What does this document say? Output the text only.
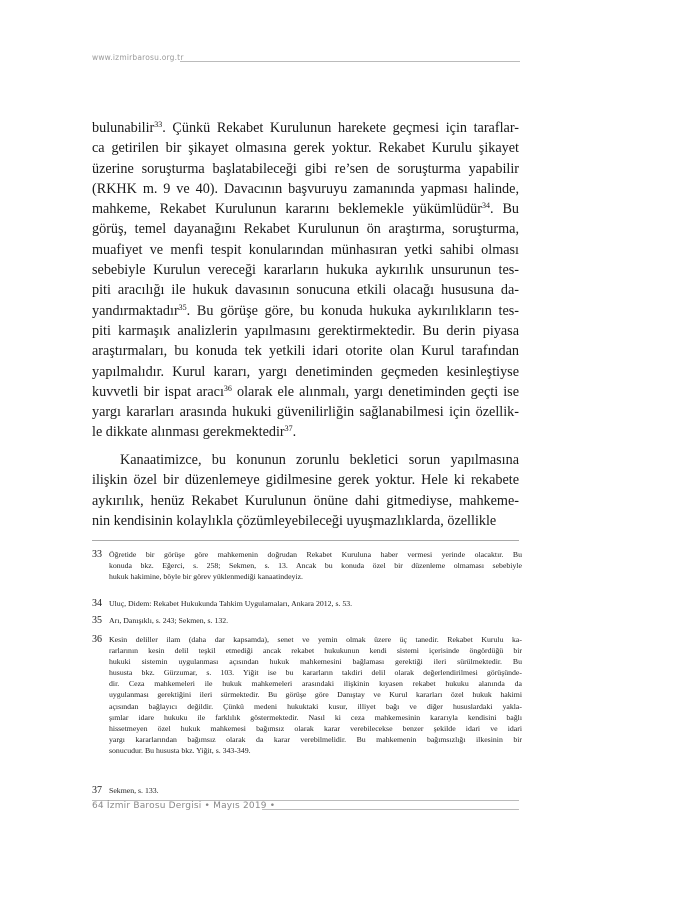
www.izmirbarosu.org.tr
bulunabilir$^{33}$. Çünkü Rekabet Kurulunun harekete geçmesi için taraflar-
ca getirilen bir şikayet olmasına gerek yoktur. Rekabet Kurulu şikayet
üzerine soruşturma başlatabileceği gibi re’sen de soruşturma yapabilir
(RKHK m. 9 ve 40). Davacının başvuruyu zamanında yapması halinde,
mahkeme, Rekabet Kurulunun kararını beklemekle yükümlüdür$^{34}$. Bu
görüş, temel dayanağını Rekabet Kurulunun ön araştırma, soruşturma,
muafiyet ve menfi tespit konularından münhasıran yetki sahibi olması
sebebiyle Kurulun vereceği kararların hukuka aykırılık unsurunun tes-
piti aracılığı ile hukuk davasının sonucuna etkili olacağı hususuna da-
yandırmaktadır$^{35}$. Bu görüşe göre, bu konuda hukuka aykırılıkların tes-
piti karmaşık analizlerin yapılmasını gerektirmektedir. Bu derin piyasa
araştırmaları, bu konuda tek yetkili idari otorite olan Kurul tarafından
yapılmalıdır. Kurul kararı, yargı denetiminden geçmeden kesinleştiyse
kuvvetli bir ispat aracı$^{36}$ olarak ele alınmalı, yargı denetiminden geçti ise
yargı kararları arasında hukuki güvenilirliğin sağlanabilmesi için özellik-
le dikkate alınması gerekmektedir$^{37}$.
Kanaatimizce, bu konunun zorunlu bekletici sorun yapılmasına
ilişkin özel bir düzenlemeye gidilmesine gerek yoktur. Hele ki rekabete
aykırılık, henüz Rekabet Kurulunun önüne dahi gitmediyse, mahkeme-
nin kendisinin kolaylıkla çözümleyebileceği uyuşmazlıklarda, özellikle
33 Öğretide bir görüşe göre mahkemenin doğrudan Rekabet Kuruluna haber vermesi yerinde olacaktır. Bu
konuda bkz. Eğerci, s. 258; Sekmen, s. 13. Ancak bu konuda özel bir düzenleme olmaması sebebiyle
hukuk hakimine, böyle bir görev yüklenmediği kanaatindeyiz.
34 Uluç, Didem: Rekabet Hukukunda Tahkim Uygulamaları, Ankara 2012, s. 53.
35 Arı, Danışıklı, s. 243; Sekmen, s. 132.
36 Kesin deliller ilam (daha dar kapsamda), senet ve yemin olmak üzere üç tanedir. Rekabet Kurulu ka-
rarlarının kesin delil teşkil etmediği ancak rekabet hukukunun kendi sistemi içerisinde öngördüğü bir
hukuki sistemin uygulanması açısından hukuk mahkemesini bağlaması gerektiği ileri sürülmektedir. Bu
hususta bkz. Gürzumar, s. 103. Yiğit ise bu kararların takdiri delil olarak değerlendirilmesi görüşünde-
dir. Ceza mahkemeleri ile hukuk mahkemeleri arasındaki ilişkinin kıyasen rekabet hukuku alanında da
uygulanması gerektiğini ileri sürmektedir. Bu görüşe göre Danıştay ve Kurul kararları özel hukuk hakimi
açısından bağlayıcı değildir. Çünkü medeni hukuktaki kusur, illiyet bağı ve diğer hususlardaki yakla-
şımlar idare hukuku ile farklılık göstermektedir. Nasıl ki ceza mahkemesinin kararıyla kendisini bağlı
hissetmeyen özel hukuk mahkemesi bağımsız olarak karar verebilecekse benzer şekilde idari ve idari
yargı kararlarından bağımsız olarak da karar verebilmelidir. Bu mahkemenin bağımsızlığı ilkesinin bir
sonucudur. Bu hususta bkz. Yiğit, s. 343-349.
37 Sekmen, s. 133.
64 İzmir Barosu Dergisi • Mayıs 2019 •
